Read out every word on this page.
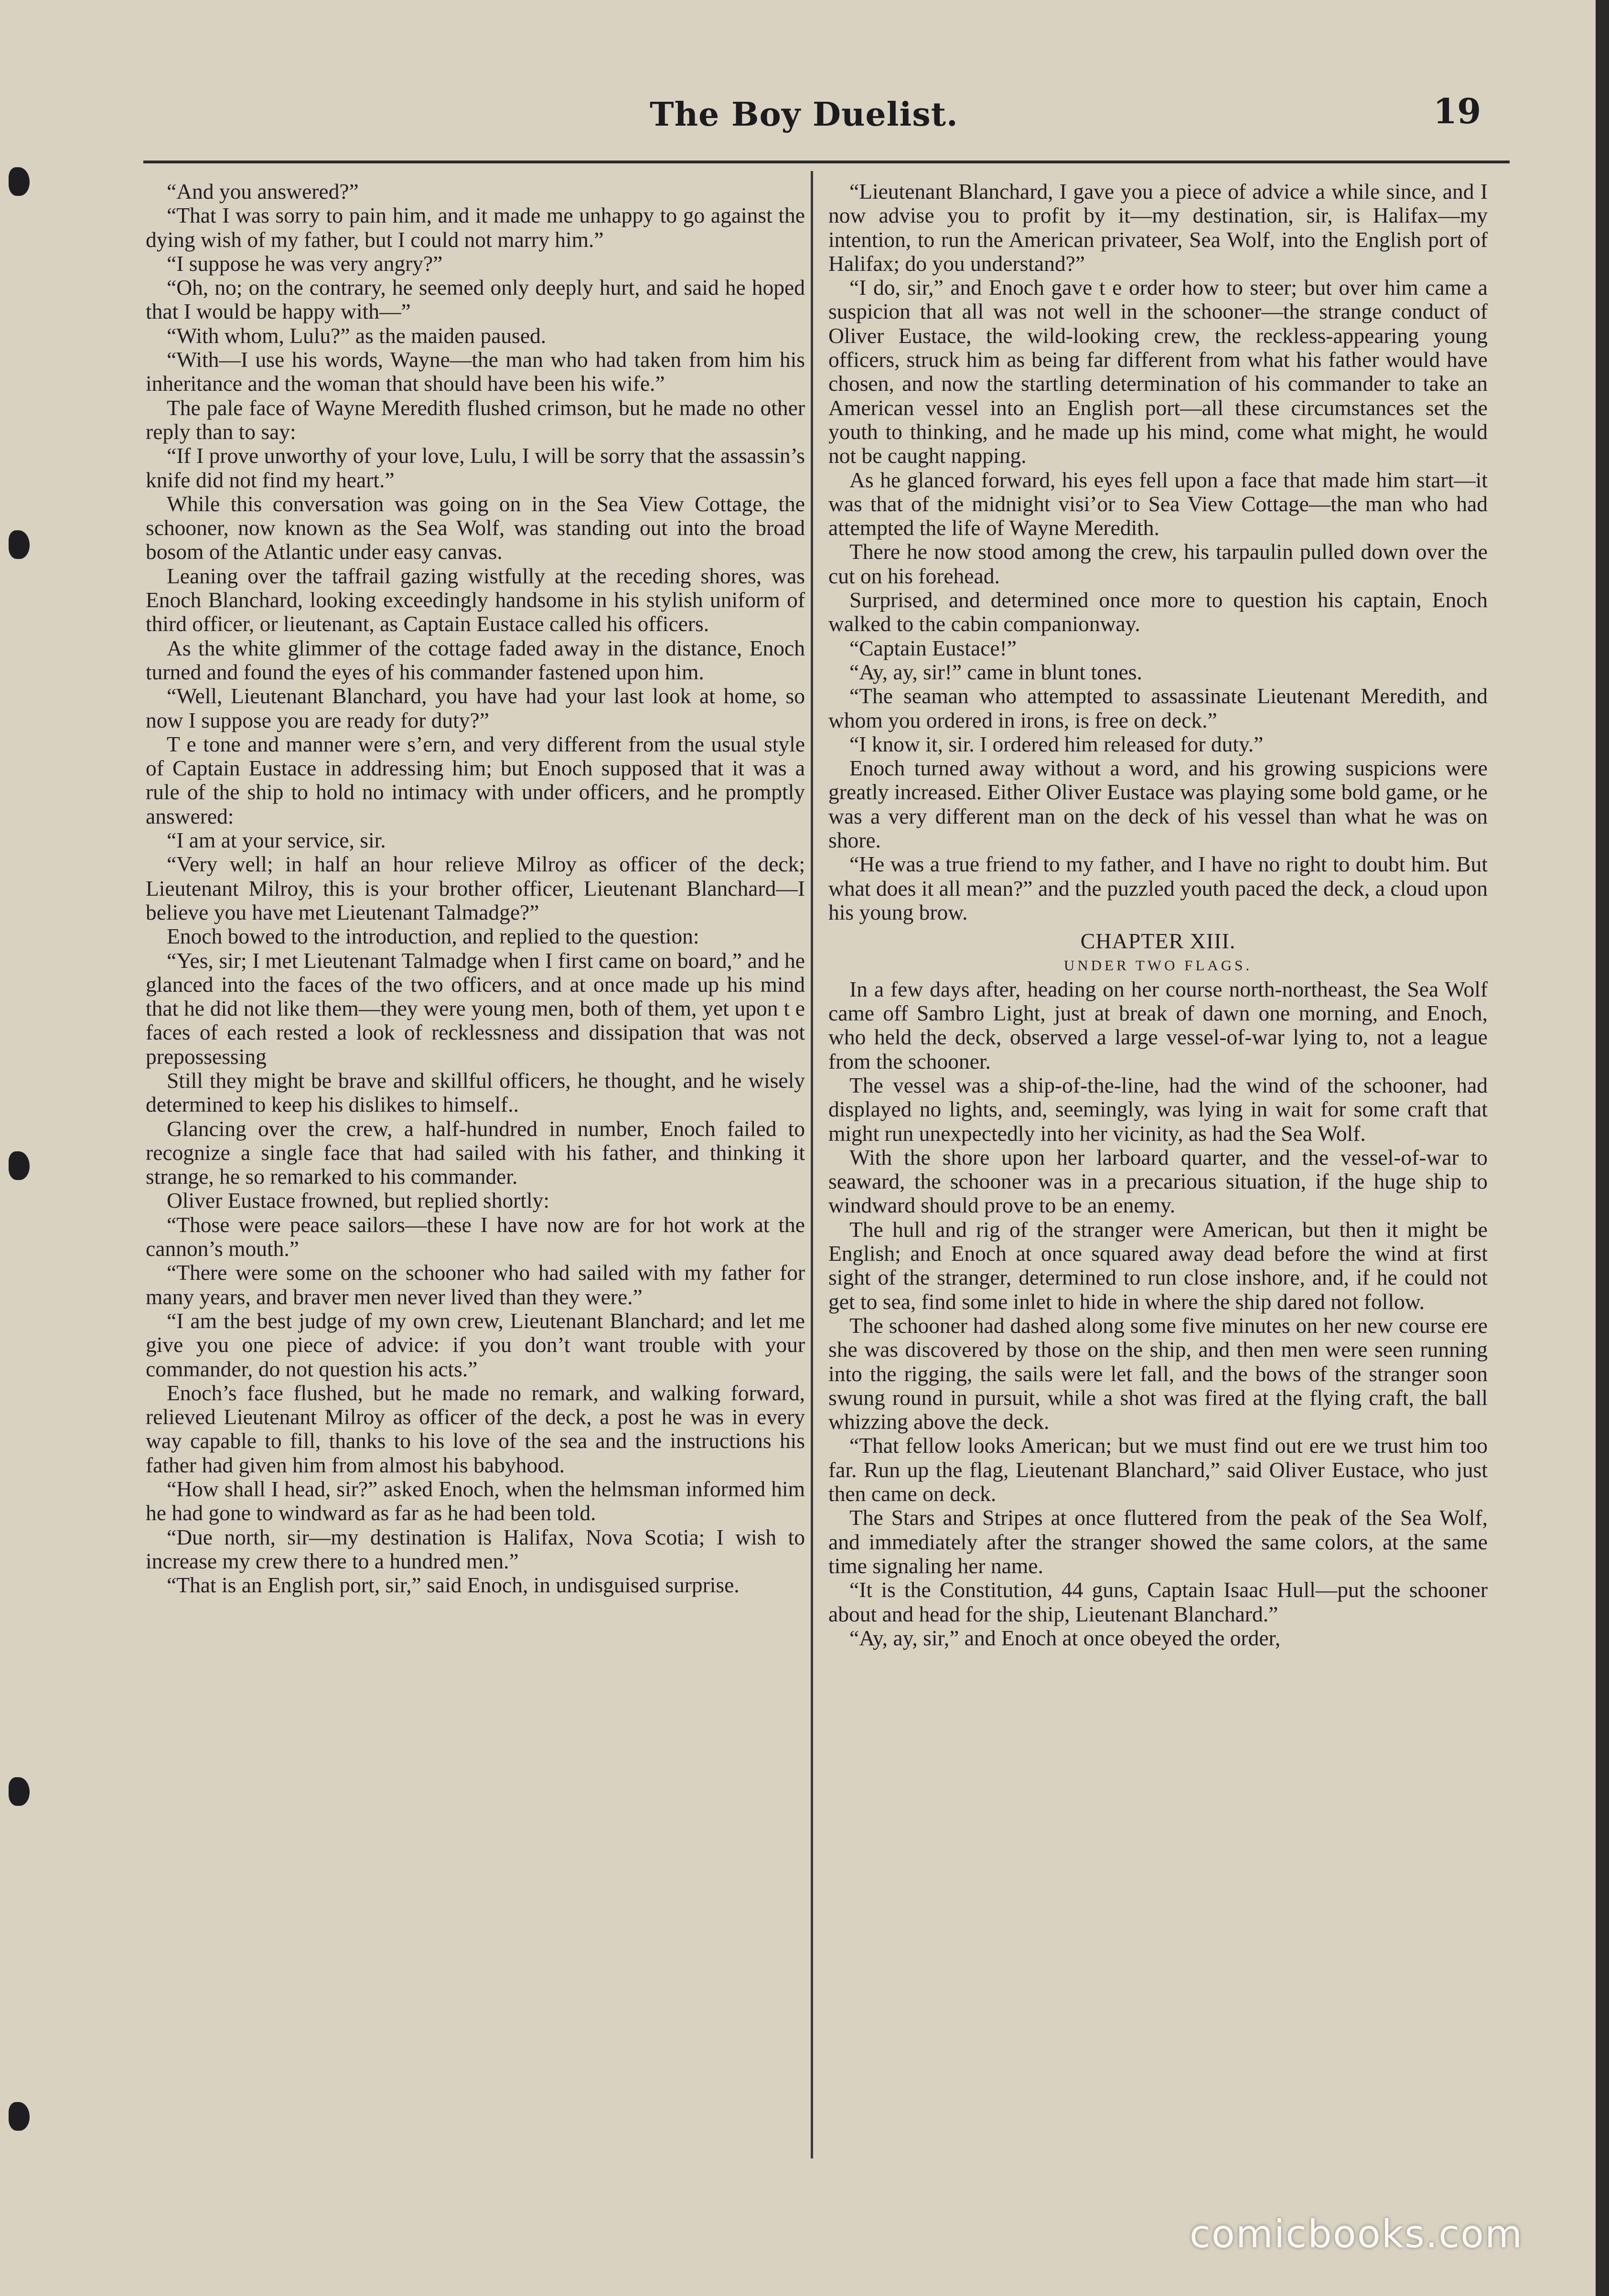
The Boy Duelist.	19

“And you answered?”

“That I was sorry to pain him, and it made me unhappy to go against the dying wish of my father, but I could not marry him.”

“I suppose he was very angry?”

“Oh, no; on the contrary, he seemed only deeply hurt, and said he hoped that I would be happy with—”

“With whom, Lulu?” as the maiden paused.

“With—I use his words, Wayne—the man who had taken from him his inheritance and the woman that should have been his wife.”

The pale face of Wayne Meredith flushed crimson, but he made no other reply than to say:

“If I prove unworthy of your love, Lulu, I will be sorry that the assassin’s knife did not find my heart.”

While this conversation was going on in the Sea View Cottage, the schooner, now known as the Sea Wolf, was standing out into the broad bosom of the Atlantic under easy canvas.

Leaning over the taffrail gazing wistfully at the receding shores, was Enoch Blanchard, looking exceedingly handsome in his stylish uniform of third officer, or lieutenant, as Captain Eustace called his officers.

As the white glimmer of the cottage faded away in the distance, Enoch turned and found the eyes of his commander fastened upon him.

“Well, Lieutenant Blanchard, you have had your last look at home, so now I suppose you are ready for duty?”

T e tone and manner were s’ern, and very different from the usual style of Captain Eustace in addressing him; but Enoch supposed that it was a rule of the ship to hold no intimacy with under officers, and he promptly answered:

“I am at your service, sir.

“Very well; in half an hour relieve Milroy as officer of the deck; Lieutenant Milroy, this is your brother officer, Lieutenant Blanchard—I believe you have met Lieutenant Talmadge?”

Enoch bowed to the introduction, and replied to the question:

“Yes, sir; I met Lieutenant Talmadge when I first came on board,” and he glanced into the faces of the two officers, and at once made up his mind that he did not like them—they were young men, both of them, yet upon t e faces of each rested a look of recklessness and dissipation that was not prepossessing

Still they might be brave and skillful officers, he thought, and he wisely determined to keep his dislikes to himself..

Glancing over the crew, a half-hundred in number, Enoch failed to recognize a single face that had sailed with his father, and thinking it strange, he so remarked to his commander.

Oliver Eustace frowned, but replied shortly:

“Those were peace sailors—these I have now are for hot work at the cannon’s mouth.”

“There were some on the schooner who had sailed with my father for many years, and braver men never lived than they were.”

“I am the best judge of my own crew, Lieutenant Blanchard; and let me give you one piece of advice: if you don’t want trouble with your commander, do not question his acts.”

Enoch’s face flushed, but he made no remark, and walking forward, relieved Lieutenant Milroy as officer of the deck, a post he was in every way capable to fill, thanks to his love of the sea and the instructions his father had given him from almost his babyhood.

“How shall I head, sir?” asked Enoch, when the helmsman informed him he had gone to windward as far as he had been told.

“Due north, sir—my destination is Halifax, Nova Scotia; I wish to increase my crew there to a hundred men.”

“That is an English port, sir,” said Enoch, in undisguised surprise.

“Lieutenant Blanchard, I gave you a piece of advice a while since, and I now advise you to profit by it—my destination, sir, is Halifax—my intention, to run the American privateer, Sea Wolf, into the English port of Halifax; do you understand?”

“I do, sir,” and Enoch gave t e order how to steer; but over him came a suspicion that all was not well in the schooner—the strange conduct of Oliver Eustace, the wild-looking crew, the reckless-appearing young officers, struck him as being far different from what his father would have chosen, and now the startling determination of his commander to take an American vessel into an English port—all these circumstances set the youth to thinking, and he made up his mind, come what might, he would not be caught napping.

As he glanced forward, his eyes fell upon a face that made him start—it was that of the midnight visi’or to Sea View Cottage—the man who had attempted the life of Wayne Meredith.

There he now stood among the crew, his tarpaulin pulled down over the cut on his forehead.

Surprised, and determined once more to question his captain, Enoch walked to the cabin companionway.

“Captain Eustace!”

“Ay, ay, sir!” came in blunt tones.

“The seaman who attempted to assassinate Lieutenant Meredith, and whom you ordered in irons, is free on deck.”

“I know it, sir. I ordered him released for duty.”

Enoch turned away without a word, and his growing suspicions were greatly increased. Either Oliver Eustace was playing some bold game, or he was a very different man on the deck of his vessel than what he was on shore.

“He was a true friend to my father, and I have no right to doubt him. But what does it all mean?” and the puzzled youth paced the deck, a cloud upon his young brow.

CHAPTER XIII.

UNDER TWO FLAGS.

In a few days after, heading on her course north-northeast, the Sea Wolf came off Sambro Light, just at break of dawn one morning, and Enoch, who held the deck, observed a large vessel-of-war lying to, not a league from the schooner.

The vessel was a ship-of-the-line, had the wind of the schooner, had displayed no lights, and, seemingly, was lying in wait for some craft that might run unexpectedly into her vicinity, as had the Sea Wolf.

With the shore upon her larboard quarter, and the vessel-of-war to seaward, the schooner was in a precarious situation, if the huge ship to windward should prove to be an enemy.

The hull and rig of the stranger were American, but then it might be English; and Enoch at once squared away dead before the wind at first sight of the stranger, determined to run close inshore, and, if he could not get to sea, find some inlet to hide in where the ship dared not follow.

The schooner had dashed along some five minutes on her new course ere she was discovered by those on the ship, and then men were seen running into the rigging, the sails were let fall, and the bows of the stranger soon swung round in pursuit, while a shot was fired at the flying craft, the ball whizzing above the deck.

“That fellow looks American; but we must find out ere we trust him too far. Run up the flag, Lieutenant Blanchard,” said Oliver Eustace, who just then came on deck.

The Stars and Stripes at once fluttered from the peak of the Sea Wolf, and immediately after the stranger showed the same colors, at the same time signaling her name.

“It is the Constitution, 44 guns, Captain Isaac Hull—put the schooner about and head for the ship, Lieutenant Blanchard.”

“Ay, ay, sir,” and Enoch at once obeyed the order,

comicbooks.com
